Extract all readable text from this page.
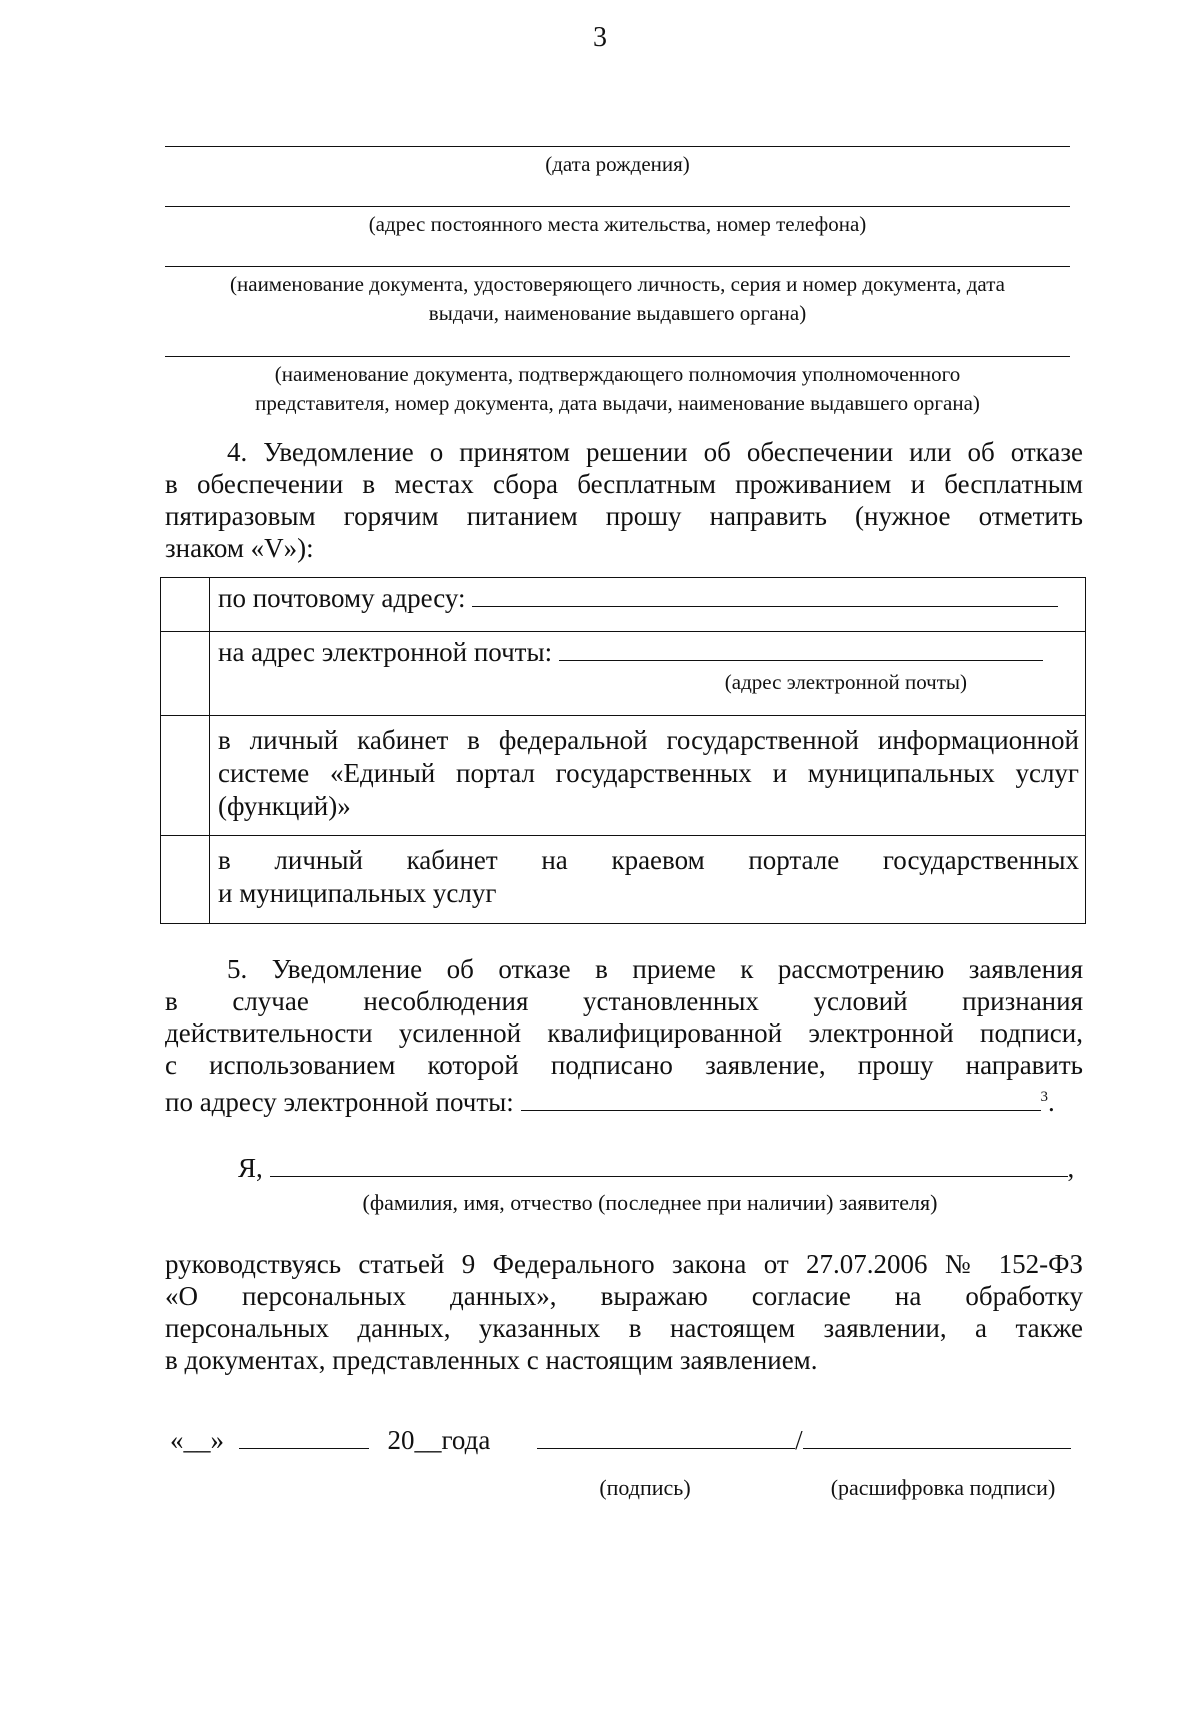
3
(дата рождения)
(адрес постоянного места жительства, номер телефона)
(наименование документа, удостоверяющего личность, серия и номер документа, дата
выдачи, наименование выдавшего органа)
(наименование документа, подтверждающего полномочия уполномоченного
представителя, номер документа, дата выдачи, наименование выдавшего органа)
4. Уведомление о принятом решении об обеспечении или об отказе
в обеспечении в местах сбора бесплатным проживанием и бесплатным
пятиразовым горячим питанием прошу направить (нужное отметить
знаком «V»):
	по почтовому адресу:
	на адрес электронной почты:
(адрес электронной почты)

	в личный кабинет в федеральной государственной информационной
системе «Единый портал государственных и муниципальных услуг
(функций)»

	в личный кабинет на краевом портале государственных
и муниципальных услуг
5. Уведомление об отказе в приеме к рассмотрению заявления
в случае несоблюдения установленных условий признания
действительности усиленной квалифицированной электронной подписи,
с использованием которой подписано заявление, прошу направить
по адресу электронной почты:	$^3$.
Я,	,
(фамилия, имя, отчество (последнее при наличии) заявителя)
руководствуясь статьей 9 Федерального закона от 27.07.2006 № 152-ФЗ
«О персональных данных», выражаю согласие на обработку
персональных данных, указанных в настоящем заявлении, а также
в документах, представленных с настоящим заявлением.
«__»	20__года	/
(подпись)	(расшифровка подписи)
